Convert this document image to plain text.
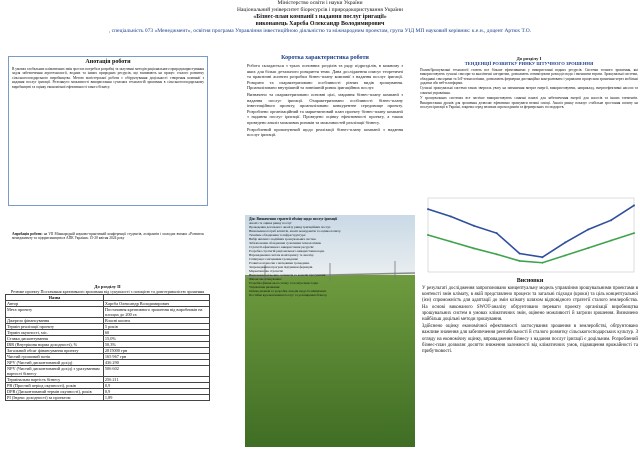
Міністерство освіти і науки України
Національний університет біоресурсів і природокористування України
«Бізнес-план компанії з надання послуг іригації»
виконавець Харєба Олександр Володимирович
, спеціальність 073 «Менеджмент», освітня програма Управління інвестиційною діяльністю та міжнародним проектам, група УІД МП науковий керівник: к.е.н., доцент Артюх Т.О.
Анотація роботи
В умовах глобальних кліматичних змін зростає потреба в розробці та залученні методів раціонального природокористування задля забезпечення агротехнології, водних та інших природних ресурсів, що впливають на процес сталого розвитку сільськогосподарського виробництва. Метою магістерської роботи є обґрунтування доцільності створення компанії з надання послуг іригації. Розглянуто можливості використання сучасних технологій зрошення в сільськогосподарському виробництві та оцінку економічної ефективності такого бізнесу.
Апробація роботи: на VII Міжнародній науково-практичній конференції студентів, аспірантів і молодих вчених «Розвиток менеджменту та підприємництва в АПК України» 15-20 квітня 2024 року
Коротка характеристика роботи

Робота складається з трьох основних розділів та ряду підрозділів, в кожному з яких для більш детального розкриття теми. Дана дослідження описує теоретичні та практичні аспекти розробки бізнес-плану компанії з надання послуг іригації. Розкрито та охарактеризовано особливості різних видів зрошування. Проаналізовано внутрішній та зовнішній ринок іригаційних послуг.

Визначено та охарактеризовано основні цілі, завдання бізнес-плану компанії з надання послуг іригації. Охарактеризовано особливості бізнес-плану інвестиційного проекту, проаналізовано конкурентне середовище проекту. Розроблено організаційний та маркетинговий план проекту бізнес-плану компанії з надання послуг іригації. Проведено оцінку ефективності проекту, а також проведено аналіз можливих ризиків та можливостей реалізації бізнесу.

Розроблений пропонуючий щодо реалізації бізнес-плану компанії з надання послуг іригації.

До розділу І
ТЕНДЕНЦІЇ РОЗВИТКУ РИНКУ ШТУЧНОГО ЗРОШЕННЯ

Полив/Зрошувальні технології стають все більше ефективними у використанні водних ресурсів. Системи точного зрошення, які використовують сучасні сенсори та аналітичні алгоритми, дозволяють оптимізувати розподіл води і зменшити втрати. Зрошувальні системи, обладнані сенсорами та IoT-технологіями, дозволяють фермерам дистанційно контролювати і управляти процесами зрошення через мобільні додатки або веб-платформи.

Сучасні зрошувальні системи також зверталь увагу на зменшення витрат енергії, використовуючи, наприклад, енергоефективні насоси та сонячні управління.

У зрошувальних системах все частіше використовують сонячні панелі для забезпечення енергії для насосів та інших елементів. Використання дронів для зрошення дозволяє ефективно зрошувати великі площі. Аналіз ринку показує стабільне зростання попиту на послуги іригації в Україні, зокрема серед великих агрохолдингів та фермерських господарств.

Дія: Визначення стратегії обміну щодо послуг іригації
Аналіз та оцінка ринку послуг
Проведення детального аналізу ринку іригаційних послуг.
Визначення потреб клієнтів, аналіз конкурентів та оцінка попиту.
Технічне обладнання та інфраструктура:
Вибір якісних і надійних зрошувальних систем.
Забезпечення обладнання сучасними технологіями.
Стратегії ефективного використання ресурсів:
Розробка стратегій раціонального використання води.
Впровадження систем моніторингу та аналізу.
Співпраця з місцевими громадами:
Розвиток відносин з місцевими громадами.
Запровадження програм підтримки фермерів.
Маркетингова стратегія:
Визначення цільових сегментів та каналів просування.
Фінансове планування:
Розробка фінансового плану та пошук інвесторів.
Управління ризиками:
Оцінка ризиків та розробка заходів щодо їх мінімізації.
Постійне вдосконалення послуг та розширення бізнесу.
До розділу ІІ
Резюме проекту Постачання креативного зрошення від сукупності з позицією та довготривалістю зрошення
Назва	
Автор	Харєба Олександр Володимирович
Мета проекту	Постачання креативного зрошення від виробників на площах до 200 га
Джерело фінансування	Власні кошти
Термін реалізації проекту	5 років
Термін окупності, міс.	60
Ставка дисконтування	15,0%
IRR (Внутрішня норма доходності), %	50,3%
Загальний обсяг фінансування проекту	2815000 грн
Чистий грошовий потік	165 967 грн
NPV (Чистий дисконтований дохід)	436 290
NPV (Чистий дисконтований дохід) з урахуванням вартості бізнесу	506 602
Термінальна вартість бізнесу	256 211
PB (Простий період окупності), років	0,9
DPB (Дисконтований термін окупності), років	0,9
PI (Індекс доходності) за проектом	1,89
Висновки

У результаті дослідження запропоновано концептуальну модель управління зрошувальними проектами в контексті змін клімату, в якій представлено процеси та загальні підходи (кроки) та ціль концептуальної (ієн) спроможність для адаптації до змін клімату шляхом відповідного стратегії сталого землеробства. На основі виконаного SWOT-аналізу обґрунтовано переваги проекту організації виробництва зрошувальних систем в умовах кліматичних змін, оцінено можливості й загрози зрошення. Визначено найбільш доцільні методи зрошування.

Здійснено оцінку економічної ефективності застосування зрошення в землеробстві, обґрунтовано важливе значення для забезпечення рентабельності й сталого розвитку сільськогосподарських культур. З огляду на економічну оцінку, впровадження бізнесу з надання послуг іригації є доцільним. Розроблений бізнес-план дозволяє досягти зниження залежності від кліматичних умов, підвищення врожайності та прибутковості.
